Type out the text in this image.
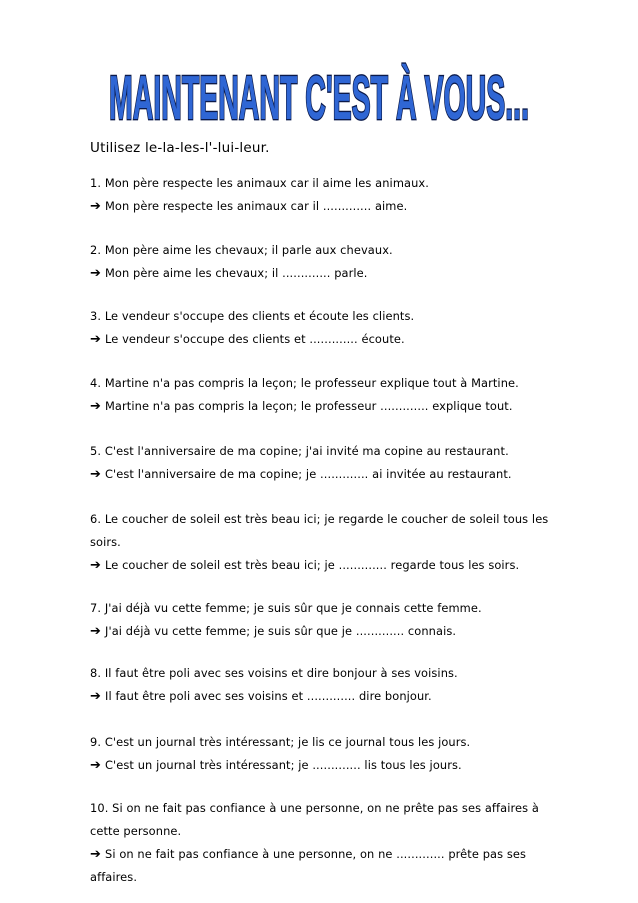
MAINTENANT C'EST À VOUS...
Utilisez le-la-les-l'-lui-leur.
1. Mon père respecte les animaux car il aime les animaux.
➔ Mon père respecte les animaux car il ............. aime.
2. Mon père aime les chevaux; il parle aux chevaux.
➔ Mon père aime les chevaux; il ............. parle.
3. Le vendeur s'occupe des clients et écoute les clients.
➔ Le vendeur s'occupe des clients et ............. écoute.
4. Martine n'a pas compris la leçon; le professeur explique tout à Martine.
➔ Martine n'a pas compris la leçon; le professeur ............. explique tout.
5. C'est l'anniversaire de ma copine; j'ai invité ma copine au restaurant.
➔ C'est l'anniversaire de ma copine; je ............. ai invitée au restaurant.
6. Le coucher de soleil est très beau ici; je regarde le coucher de soleil tous les soirs.
➔ Le coucher de soleil est très beau ici; je ............. regarde tous les soirs.
7. J'ai déjà vu cette femme; je suis sûr que je connais cette femme.
➔ J'ai déjà vu cette femme; je suis sûr que je ............. connais.
8. Il faut être poli avec ses voisins et dire bonjour à ses voisins.
➔ Il faut être poli avec ses voisins et ............. dire bonjour.
9. C'est un journal très intéressant; je lis ce journal tous les jours.
➔ C'est un journal très intéressant; je ............. lis tous les jours.
10. Si on ne fait pas confiance à une personne, on ne prête pas ses affaires à cette personne.
➔ Si on ne fait pas confiance à une personne, on ne ............. prête pas ses affaires.
